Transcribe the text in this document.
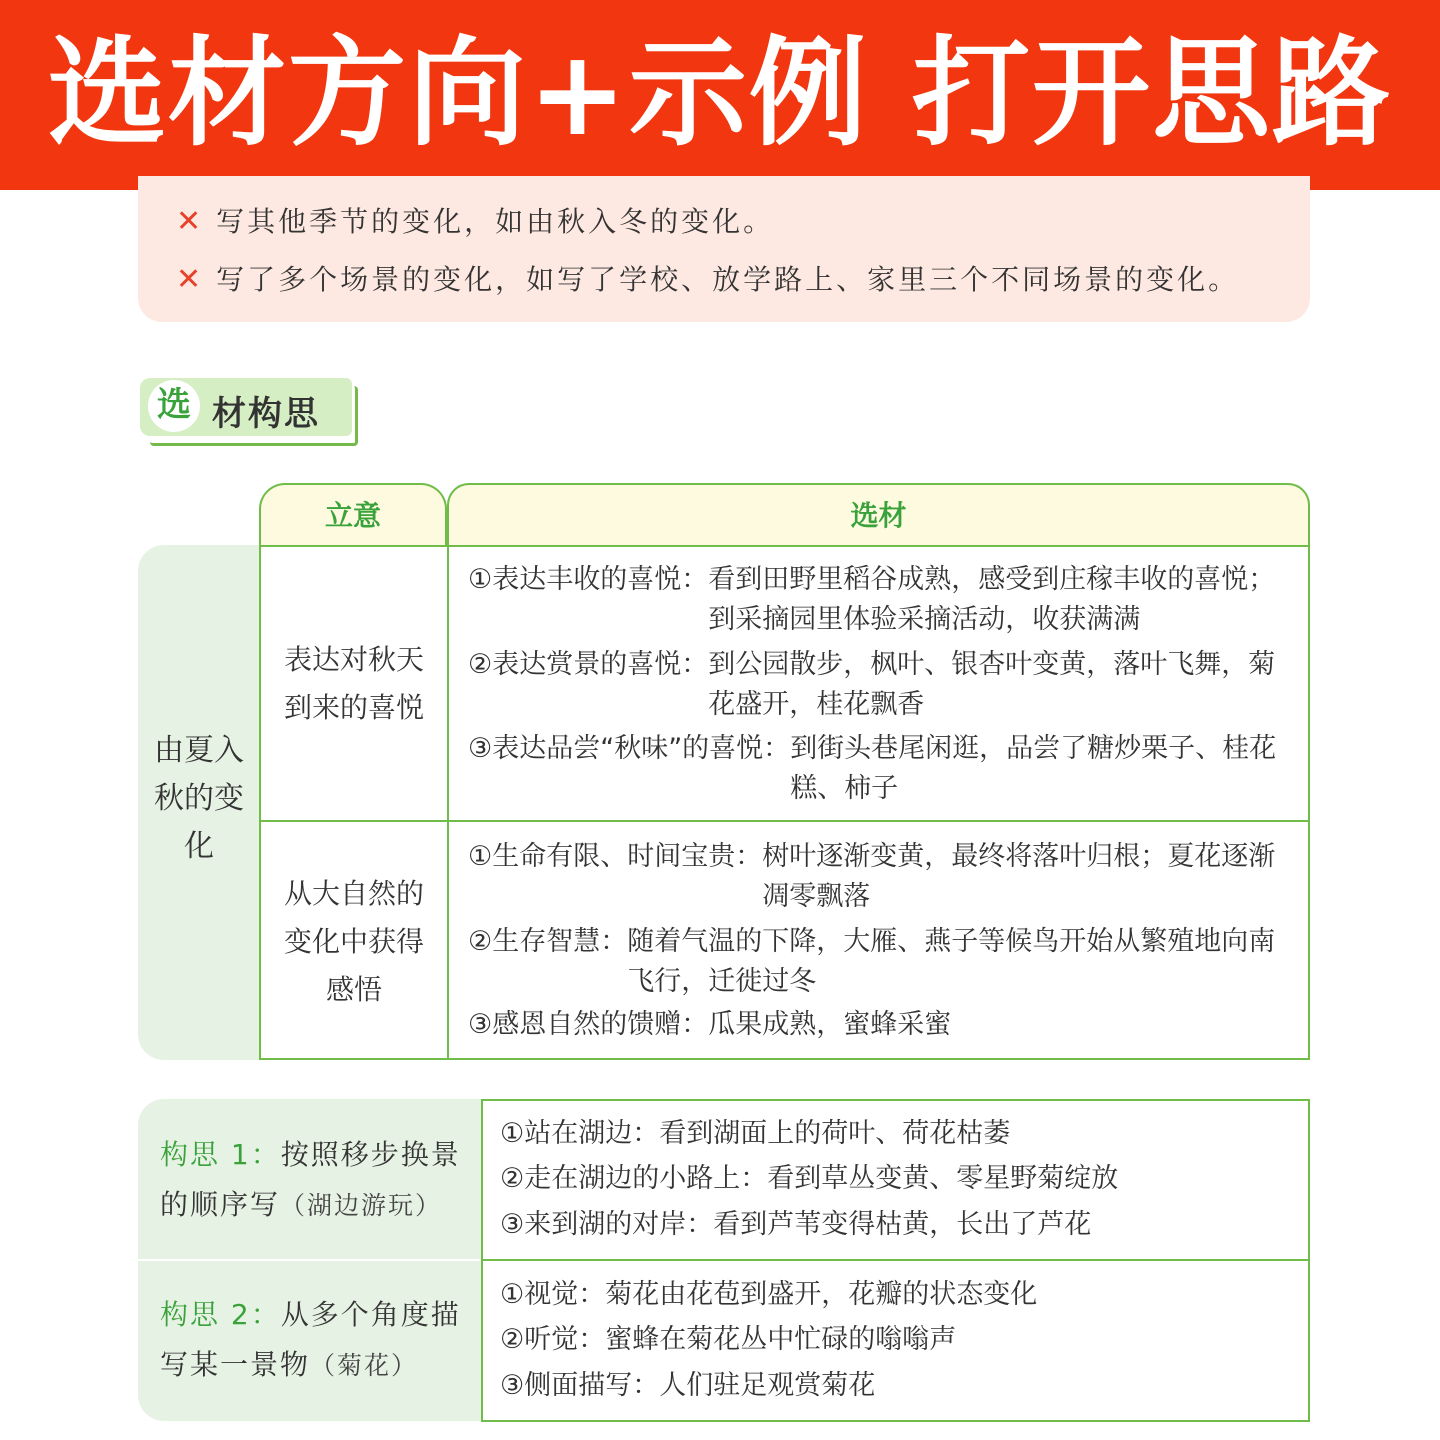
选材方向+示例 打开思路
✕ 写其他季节的变化，如由秋入冬的变化。
✕ 写了多个场景的变化，如写了学校、放学路上、家里三个不同场景的变化。
选 材构思
立意	选材
由夏入
秋的变
化
表达对秋天
到来的喜悦
从大自然的
变化中获得
感悟
①表达丰收的喜悦： 看到田野里稻谷成熟，感受到庄稼丰收的喜悦；到采摘园里体验采摘活动，收获满满
②表达赏景的喜悦： 到公园散步，枫叶、银杏叶变黄，落叶飞舞，菊花盛开，桂花飘香
③表达品尝“秋味”的喜悦： 到街头巷尾闲逛，品尝了糖炒栗子、桂花糕、柿子
①生命有限、时间宝贵： 树叶逐渐变黄，最终将落叶归根；夏花逐渐凋零飘落
②生存智慧： 随着气温的下降，大雁、燕子等候鸟开始从繁殖地向南飞行，迁徙过冬
③感恩自然的馈赠： 瓜果成熟，蜜蜂采蜜
构思 1：按照移步换景
的顺序写（湖边游玩）
构思 2：从多个角度描
写某一景物（菊花）
①站在湖边：看到湖面上的荷叶、荷花枯萎
②走在湖边的小路上：看到草丛变黄、零星野菊绽放
③来到湖的对岸：看到芦苇变得枯黄，长出了芦花
①视觉：菊花由花苞到盛开，花瓣的状态变化
②听觉：蜜蜂在菊花丛中忙碌的嗡嗡声
③侧面描写：人们驻足观赏菊花
